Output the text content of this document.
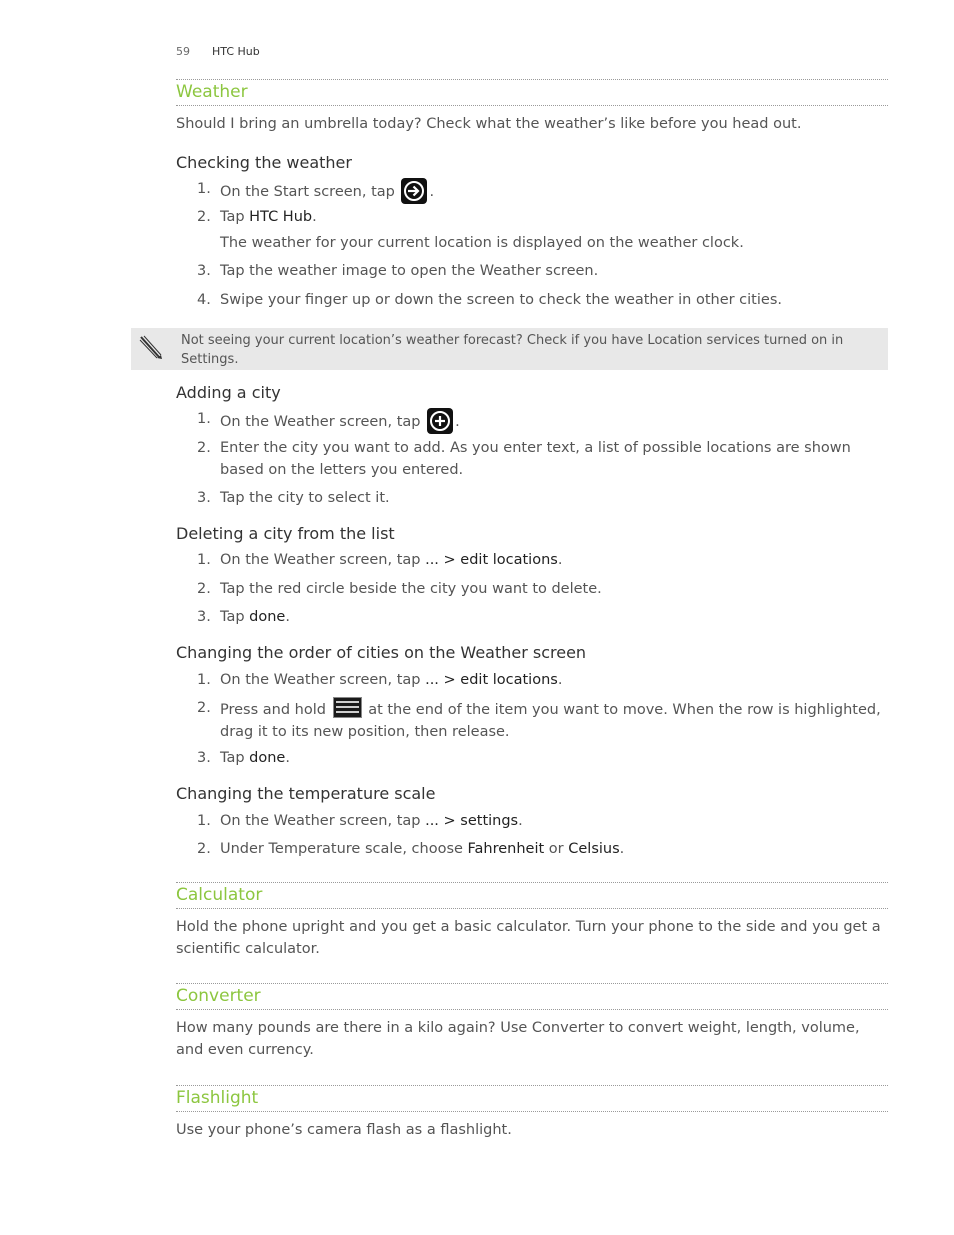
59 HTC Hub
Weather
Should I bring an umbrella today? Check what the weather’s like before you head out.
Checking the weather
1. On the Start screen, tap .
2. Tap HTC Hub.
The weather for your current location is displayed on the weather clock.
3. Tap the weather image to open the Weather screen.
4. Swipe your finger up or down the screen to check the weather in other cities.
Not seeing your current location’s weather forecast? Check if you have Location services turned on in Settings.
Adding a city
1. On the Weather screen, tap .
2. Enter the city you want to add. As you enter text, a list of possible locations are shown based on the letters you entered.
3. Tap the city to select it.
Deleting a city from the list
1. On the Weather screen, tap ... > edit locations.
2. Tap the red circle beside the city you want to delete.
3. Tap done.
Changing the order of cities on the Weather screen
1. On the Weather screen, tap ... > edit locations.
2. Press and hold	at the end of the item you want to move. When the row is highlighted, drag it to its new position, then release.
3. Tap done.
Changing the temperature scale
1. On the Weather screen, tap ... > settings.
2. Under Temperature scale, choose Fahrenheit or Celsius.
Calculator
Hold the phone upright and you get a basic calculator. Turn your phone to the side and you get a scientific calculator.
Converter
How many pounds are there in a kilo again? Use Converter to convert weight, length, volume, and even currency.
Flashlight
Use your phone’s camera flash as a flashlight.
